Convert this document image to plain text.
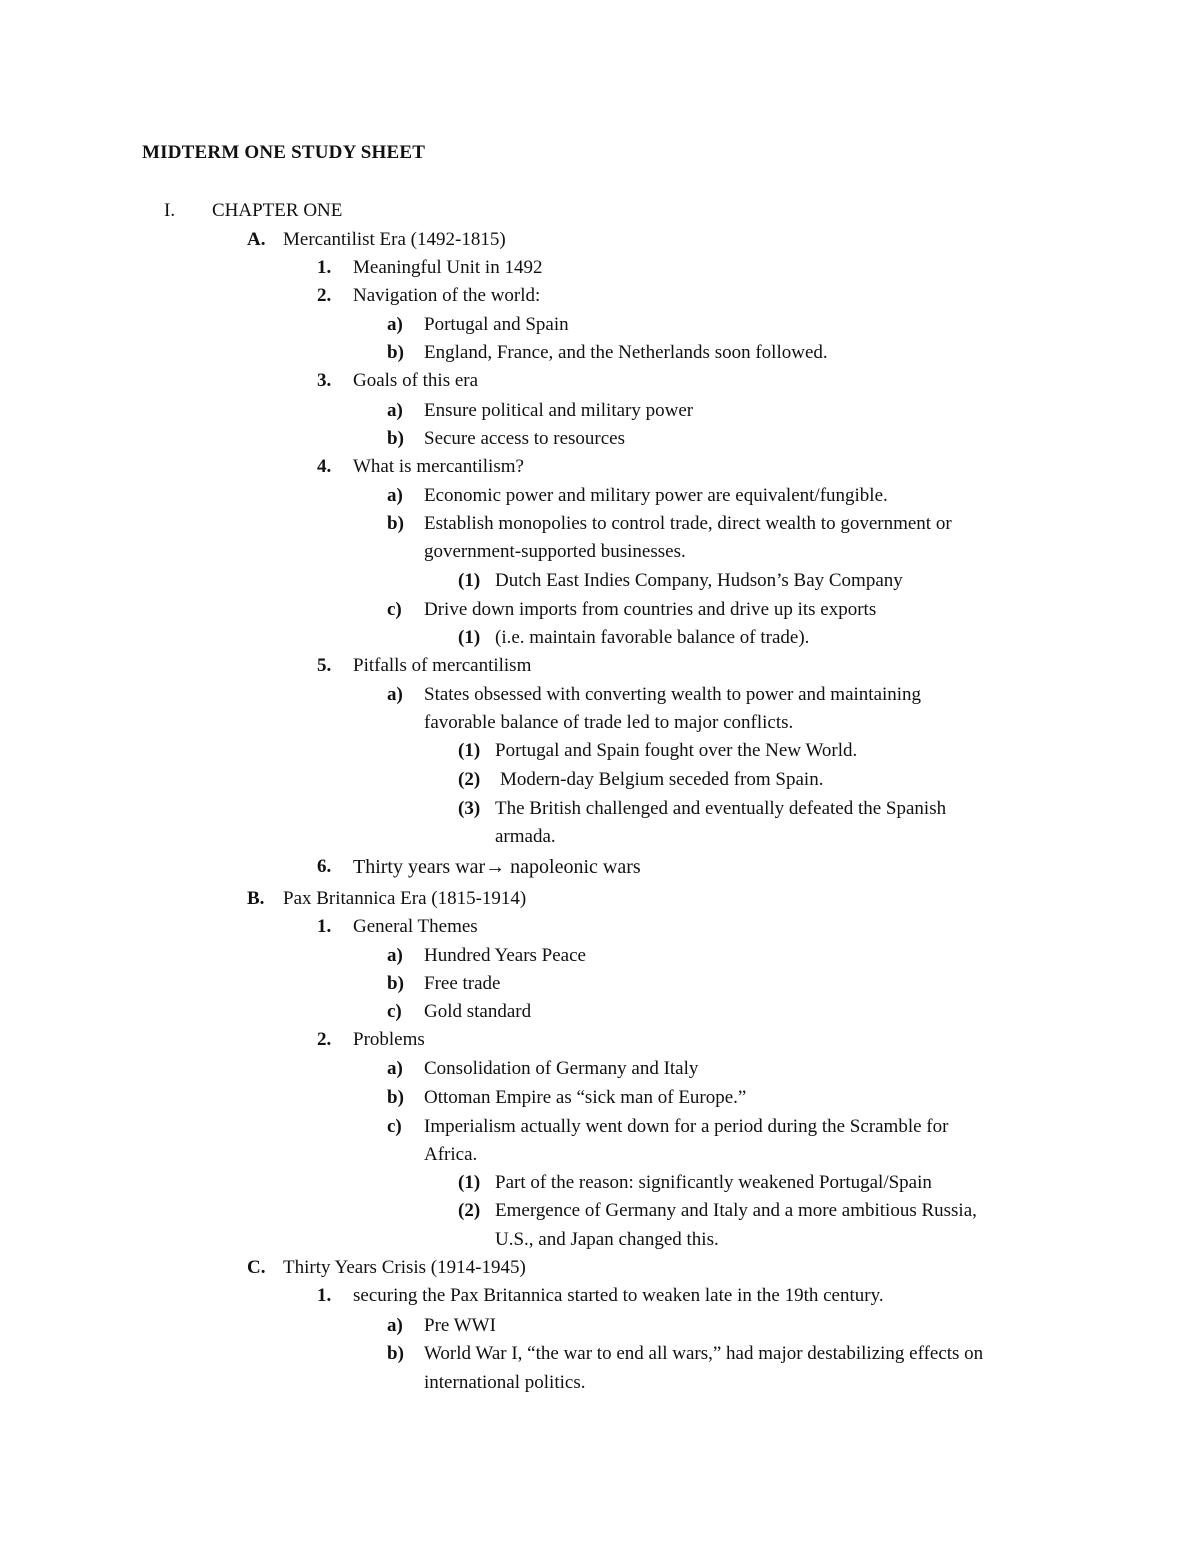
MIDTERM ONE STUDY SHEET
I. CHAPTER ONE
A. Mercantilist Era (1492-1815)
1. Meaningful Unit in 1492
2. Navigation of the world:
a) Portugal and Spain
b) England, France, and the Netherlands soon followed.
3. Goals of this era
a) Ensure political and military power
b) Secure access to resources
4. What is mercantilism?
a) Economic power and military power are equivalent/fungible.
b) Establish monopolies to control trade, direct wealth to government or
government-supported businesses.
(1) Dutch East Indies Company, Hudson’s Bay Company
c) Drive down imports from countries and drive up its exports
(1) (i.e. maintain favorable balance of trade).
5. Pitfalls of mercantilism
a) States obsessed with converting wealth to power and maintaining
favorable balance of trade led to major conflicts.
(1) Portugal and Spain fought over the New World.
(2) Modern-day Belgium seceded from Spain.
(3) The British challenged and eventually defeated the Spanish
armada.
6. Thirty years war→ napoleonic wars
B. Pax Britannica Era (1815-1914)
1. General Themes
a) Hundred Years Peace
b) Free trade
c) Gold standard
2. Problems
a) Consolidation of Germany and Italy
b) Ottoman Empire as “sick man of Europe.”
c) Imperialism actually went down for a period during the Scramble for
Africa.
(1) Part of the reason: significantly weakened Portugal/Spain
(2) Emergence of Germany and Italy and a more ambitious Russia,
U.S., and Japan changed this.
C. Thirty Years Crisis (1914-1945)
1. securing the Pax Britannica started to weaken late in the 19th century.
a) Pre WWI
b) World War I, “the war to end all wars,” had major destabilizing effects on
international politics.
